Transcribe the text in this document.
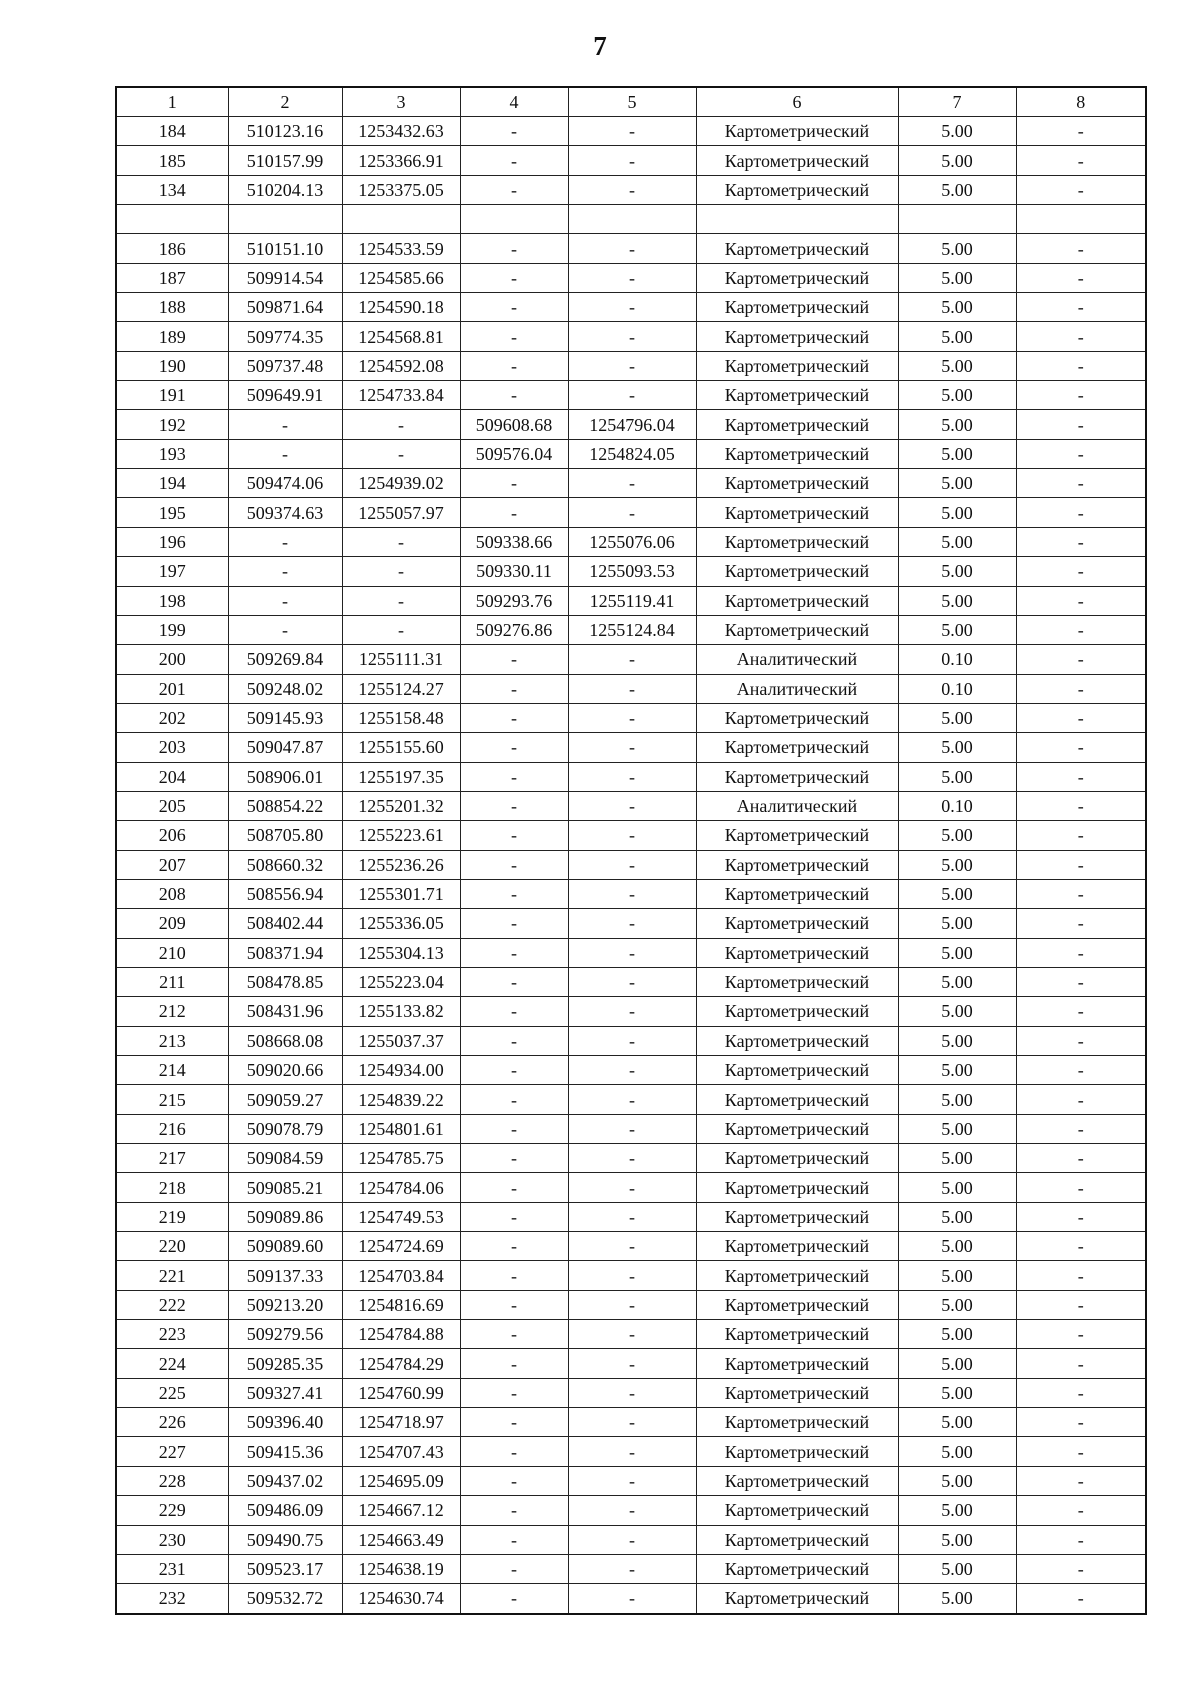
7
1	2	3	4	5	6	7	8
184	510123.16	1253432.63	-	-	Картометрический	5.00	-
185	510157.99	1253366.91	-	-	Картометрический	5.00	-
134	510204.13	1253375.05	-	-	Картометрический	5.00	-

186	510151.10	1254533.59	-	-	Картометрический	5.00	-
187	509914.54	1254585.66	-	-	Картометрический	5.00	-
188	509871.64	1254590.18	-	-	Картометрический	5.00	-
189	509774.35	1254568.81	-	-	Картометрический	5.00	-
190	509737.48	1254592.08	-	-	Картометрический	5.00	-
191	509649.91	1254733.84	-	-	Картометрический	5.00	-
192	-	-	509608.68	1254796.04	Картометрический	5.00	-
193	-	-	509576.04	1254824.05	Картометрический	5.00	-
194	509474.06	1254939.02	-	-	Картометрический	5.00	-
195	509374.63	1255057.97	-	-	Картометрический	5.00	-
196	-	-	509338.66	1255076.06	Картометрический	5.00	-
197	-	-	509330.11	1255093.53	Картометрический	5.00	-
198	-	-	509293.76	1255119.41	Картометрический	5.00	-
199	-	-	509276.86	1255124.84	Картометрический	5.00	-
200	509269.84	1255111.31	-	-	Аналитический	0.10	-
201	509248.02	1255124.27	-	-	Аналитический	0.10	-
202	509145.93	1255158.48	-	-	Картометрический	5.00	-
203	509047.87	1255155.60	-	-	Картометрический	5.00	-
204	508906.01	1255197.35	-	-	Картометрический	5.00	-
205	508854.22	1255201.32	-	-	Аналитический	0.10	-
206	508705.80	1255223.61	-	-	Картометрический	5.00	-
207	508660.32	1255236.26	-	-	Картометрический	5.00	-
208	508556.94	1255301.71	-	-	Картометрический	5.00	-
209	508402.44	1255336.05	-	-	Картометрический	5.00	-
210	508371.94	1255304.13	-	-	Картометрический	5.00	-
211	508478.85	1255223.04	-	-	Картометрический	5.00	-
212	508431.96	1255133.82	-	-	Картометрический	5.00	-
213	508668.08	1255037.37	-	-	Картометрический	5.00	-
214	509020.66	1254934.00	-	-	Картометрический	5.00	-
215	509059.27	1254839.22	-	-	Картометрический	5.00	-
216	509078.79	1254801.61	-	-	Картометрический	5.00	-
217	509084.59	1254785.75	-	-	Картометрический	5.00	-
218	509085.21	1254784.06	-	-	Картометрический	5.00	-
219	509089.86	1254749.53	-	-	Картометрический	5.00	-
220	509089.60	1254724.69	-	-	Картометрический	5.00	-
221	509137.33	1254703.84	-	-	Картометрический	5.00	-
222	509213.20	1254816.69	-	-	Картометрический	5.00	-
223	509279.56	1254784.88	-	-	Картометрический	5.00	-
224	509285.35	1254784.29	-	-	Картометрический	5.00	-
225	509327.41	1254760.99	-	-	Картометрический	5.00	-
226	509396.40	1254718.97	-	-	Картометрический	5.00	-
227	509415.36	1254707.43	-	-	Картометрический	5.00	-
228	509437.02	1254695.09	-	-	Картометрический	5.00	-
229	509486.09	1254667.12	-	-	Картометрический	5.00	-
230	509490.75	1254663.49	-	-	Картометрический	5.00	-
231	509523.17	1254638.19	-	-	Картометрический	5.00	-
232	509532.72	1254630.74	-	-	Картометрический	5.00	-
